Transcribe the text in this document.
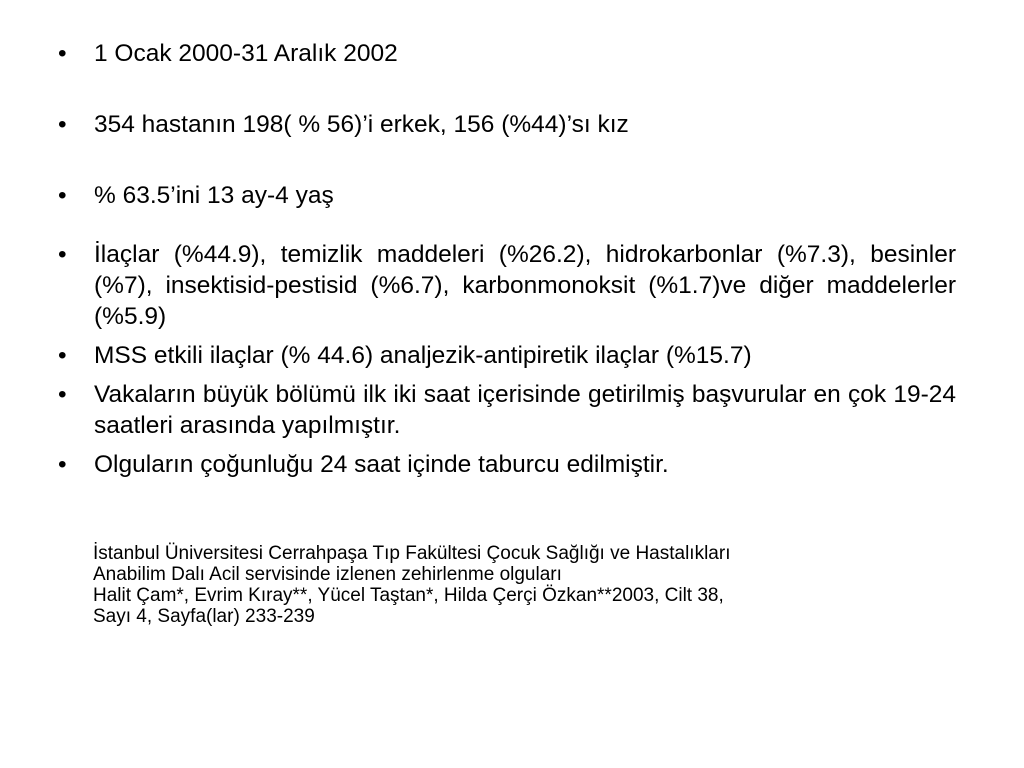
•	1 Ocak 2000-31 Aralık 2002
•	354 hastanın 198( % 56)’i erkek, 156 (%44)’sı kız
•	% 63.5’ini 13 ay-4 yaş
•	İlaçlar (%44.9), temizlik maddeleri (%26.2), hidrokarbonlar (%7.3), besinler (%7), insektisid-pestisid (%6.7), karbonmonoksit (%1.7)ve diğer maddelerler (%5.9)
•	MSS etkili ilaçlar (% 44.6) analjezik-antipiretik ilaçlar (%15.7)
•	Vakaların büyük bölümü ilk iki saat içerisinde getirilmiş başvurular en çok 19-24 saatleri arasında yapılmıştır.
•	Olguların çoğunluğu 24 saat içinde taburcu edilmiştir.
İstanbul Üniversitesi Cerrahpaşa Tıp Fakültesi Çocuk Sağlığı ve Hastalıkları
Anabilim Dalı Acil servisinde izlenen zehirlenme olguları
Halit Çam*, Evrim Kıray**, Yücel Taştan*, Hilda Çerçi Özkan**2003, Cilt 38,
Sayı 4, Sayfa(lar) 233-239
